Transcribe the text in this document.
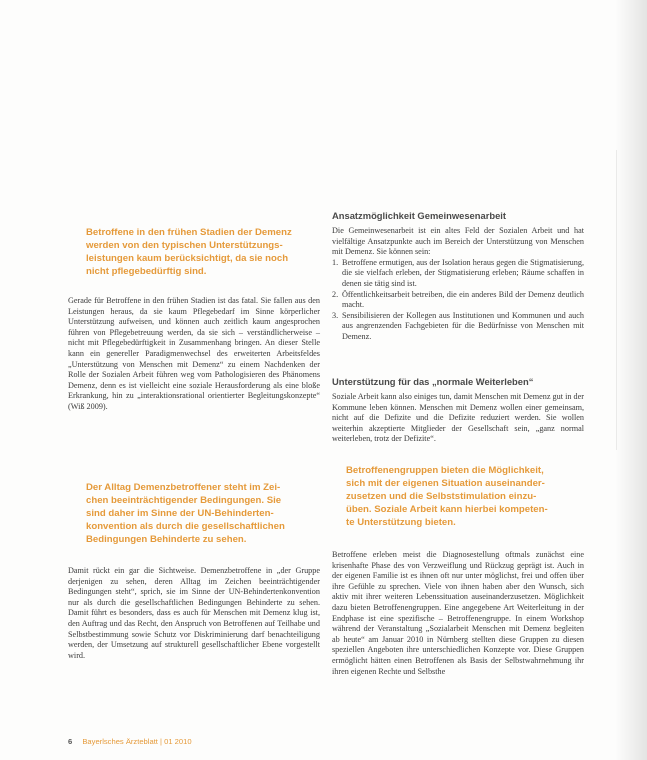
Betroffene in den frühen Stadien der Demenz
werden von den typischen Unterstützungs-
leistungen kaum berücksichtigt, da sie noch
nicht pflegebedürftig sind.

Gerade für Betroffene in den frühen Stadien ist das fatal. Sie fallen aus den Leistungen heraus, da sie kaum Pflegebedarf im Sinne körperlicher Unterstützung aufweisen, und können auch zeitlich kaum angesprochen führen von Pflegebetreuung werden, da sie sich – verständlicherweise – nicht mit Pflegebedürftigkeit in Zusammenhang bringen. An dieser Stelle kann ein genereller Paradigmenwechsel des erweiterten Arbeitsfeldes „Unterstützung von Menschen mit Demenz“ zu einem Nachdenken der Rolle der Sozialen Arbeit führen weg vom Pathologisieren des Phänomens Demenz, denn es ist vielleicht eine soziale Herausforderung als eine bloße Erkrankung, hin zu „interaktionsrational orientierter Begleitungskonzepte“ (Wiß 2009).

Der Alltag Demenzbetroffener steht im Zei-
chen beeinträchtigender Bedingungen. Sie
sind daher im Sinne der UN-Behinderten-
konvention als durch die gesellschaftlichen
Bedingungen Behinderte zu sehen.

Damit rückt ein gar die Sichtweise. Demenzbetroffene in „der Gruppe derjenigen zu sehen, deren Alltag im Zeichen beeinträchtigender Bedingungen steht“, sprich, sie im Sinne der UN-Behindertenkonvention nur als durch die gesellschaftlichen Bedingungen Behinderte zu sehen. Damit führt es besonders, dass es auch für Menschen mit Demenz klug ist, den Auftrag und das Recht, den Anspruch von Betroffenen auf Teilhabe und Selbstbestimmung sowie Schutz vor Diskriminierung darf benachteiligung werden, der Umsetzung auf strukturell gesellschaftlicher Ebene vorgestellt wird.

Ansatzmöglichkeit Gemeinwesenarbeit

Die Gemeinwesenarbeit ist ein altes Feld der Sozialen Arbeit und hat vielfältige Ansatzpunkte auch im Bereich der Unterstützung von Menschen mit Demenz. Sie können sein:

1. Betroffene ermutigen, aus der Isolation heraus gegen die Stigmatisierung, die sie vielfach erleben, der Stigmatisierung erleben; Räume schaffen in denen sie tätig sind ist.
2. Öffentlichkeitsarbeit betreiben, die ein anderes Bild der Demenz deutlich macht.
3. Sensibilisieren der Kollegen aus Institutionen und Kommunen und auch aus angrenzenden Fachgebieten für die Bedürfnisse von Menschen mit Demenz.
Unterstützung für das „normale Weiterleben“

Soziale Arbeit kann also einiges tun, damit Menschen mit Demenz gut in der Kommune leben können. Menschen mit Demenz wollen einer gemeinsam, nicht auf die Defizite und die Defizite reduziert werden. Sie wollen weiterhin akzeptierte Mitglieder der Gesellschaft sein, „ganz normal weiterleben, trotz der Defizite“.

Betroffenengruppen bieten die Möglichkeit,
sich mit der eigenen Situation auseinander-
zusetzen und die Selbststimulation einzu-
üben. Soziale Arbeit kann hierbei kompeten-
te Unterstützung bieten.

Betroffene erleben meist die Diagnosestellung oftmals zunächst eine krisenhafte Phase des von Verzweiflung und Rückzug geprägt ist. Auch in der eigenen Familie ist es ihnen oft nur unter möglichst, frei und offen über ihre Gefühle zu sprechen. Viele von ihnen haben aber den Wunsch, sich aktiv mit ihrer weiteren Lebenssituation auseinanderzusetzen. Möglichkeit dazu bieten Betroffenengruppen. Eine angegebene Art Weiterleitung in der Endphase ist eine spezifische – Betroffenengruppe. In einem Workshop während der Veranstaltung „Sozialarbeit Menschen mit Demenz begleiten ab heute“ am Januar 2010 in Nürnberg stellten diese Gruppen zu diesen speziellen Angeboten ihre unterschiedlichen Konzepte vor. Diese Gruppen ermöglicht hätten einen Betroffenen als Basis der Selbstwahrnehmung ihr ihren eigenen Rechte und Selbsthe

6 Bayerlsches Ärzteblatt | 01 2010
